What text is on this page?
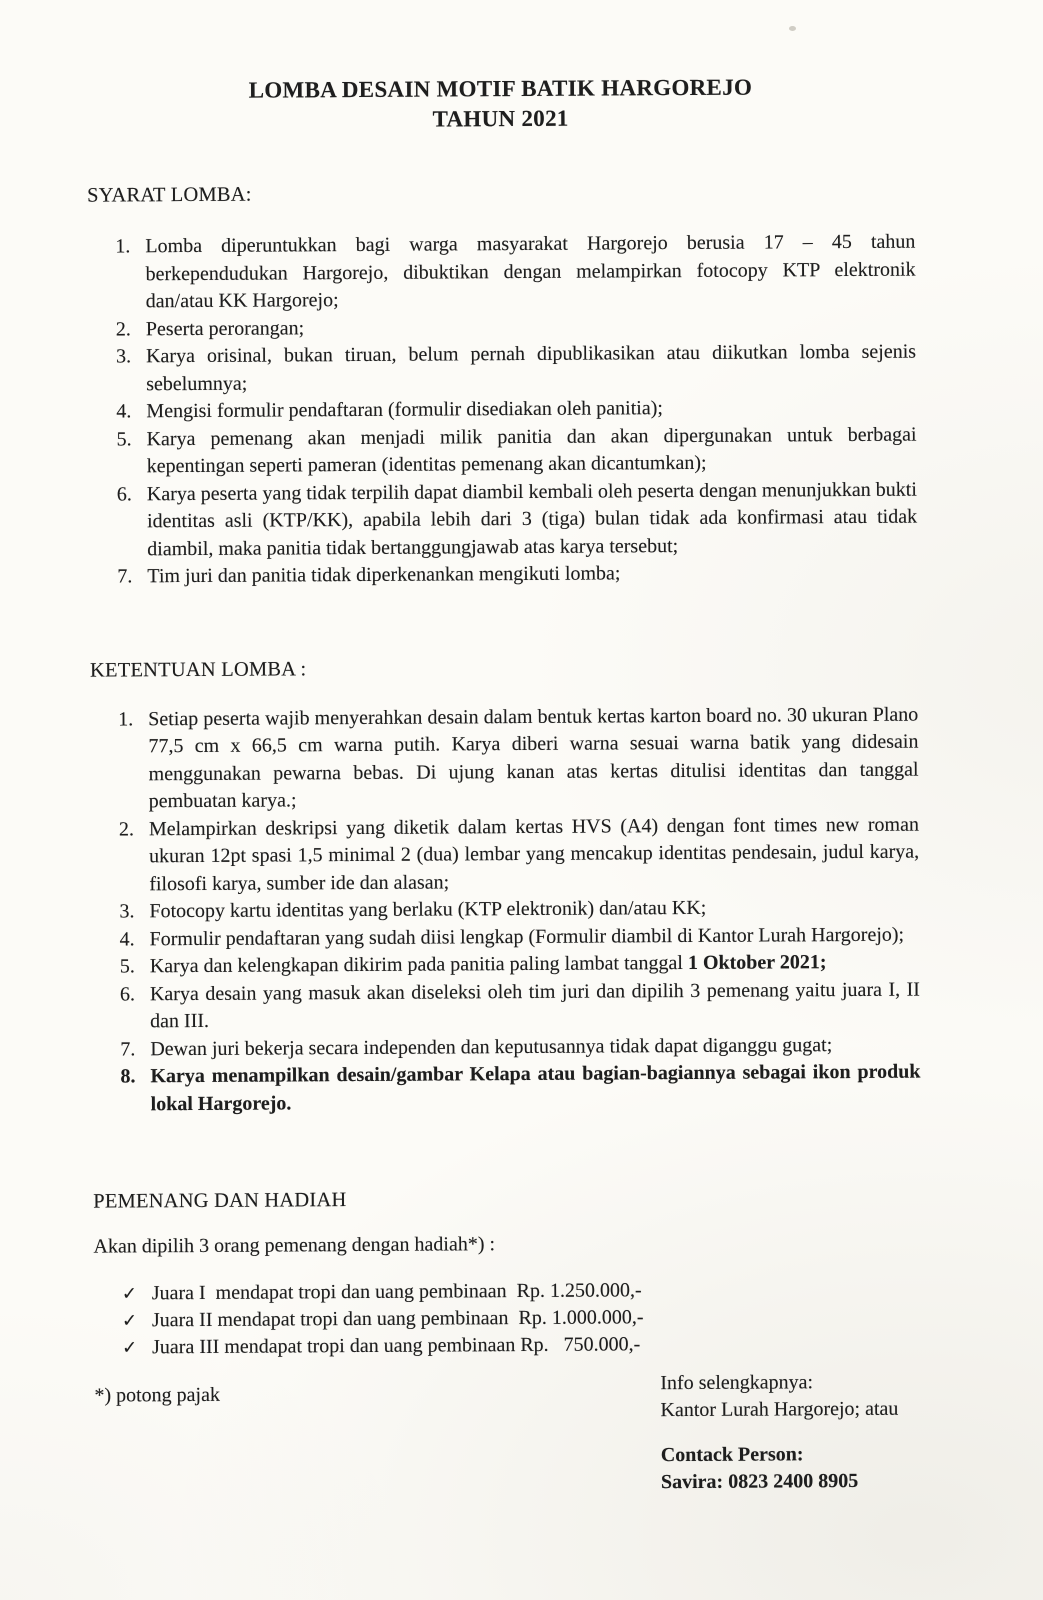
LOMBA DESAIN MOTIF BATIK HARGOREJO
TAHUN 2021
SYARAT LOMBA:
1. Lomba diperuntukkan bagi warga masyarakat Hargorejo berusia 17 – 45 tahun berkependudukan Hargorejo, dibuktikan dengan melampirkan fotocopy KTP elektronik dan/atau KK Hargorejo;
2. Peserta perorangan;
3. Karya orisinal, bukan tiruan, belum pernah dipublikasikan atau diikutkan lomba sejenis sebelumnya;
4. Mengisi formulir pendaftaran (formulir disediakan oleh panitia);
5. Karya pemenang akan menjadi milik panitia dan akan dipergunakan untuk berbagai kepentingan seperti pameran (identitas pemenang akan dicantumkan);
6. Karya peserta yang tidak terpilih dapat diambil kembali oleh peserta dengan menunjukkan bukti identitas asli (KTP/KK), apabila lebih dari 3 (tiga) bulan tidak ada konfirmasi atau tidak diambil, maka panitia tidak bertanggungjawab atas karya tersebut;
7. Tim juri dan panitia tidak diperkenankan mengikuti lomba;
KETENTUAN LOMBA :
1. Setiap peserta wajib menyerahkan desain dalam bentuk kertas karton board no. 30 ukuran Plano 77,5 cm x 66,5 cm warna putih. Karya diberi warna sesuai warna batik yang didesain menggunakan pewarna bebas. Di ujung kanan atas kertas ditulisi identitas dan tanggal pembuatan karya.;
2. Melampirkan deskripsi yang diketik dalam kertas HVS (A4) dengan font times new roman ukuran 12pt spasi 1,5 minimal 2 (dua) lembar yang mencakup identitas pendesain, judul karya, filosofi karya, sumber ide dan alasan;
3. Fotocopy kartu identitas yang berlaku (KTP elektronik) dan/atau KK;
4. Formulir pendaftaran yang sudah diisi lengkap (Formulir diambil di Kantor Lurah Hargorejo);
5. Karya dan kelengkapan dikirim pada panitia paling lambat tanggal 1 Oktober 2021;
6. Karya desain yang masuk akan diseleksi oleh tim juri dan dipilih 3 pemenang yaitu juara I, II dan III.
7. Dewan juri bekerja secara independen dan keputusannya tidak dapat diganggu gugat;
8. Karya menampilkan desain/gambar Kelapa atau bagian-bagiannya sebagai ikon produk lokal Hargorejo.
PEMENANG DAN HADIAH
Akan dipilih 3 orang pemenang dengan hadiah*) :
✓ Juara I  mendapat tropi dan uang pembinaan  Rp. 1.250.000,-
✓ Juara II mendapat tropi dan uang pembinaan  Rp. 1.000.000,-
✓ Juara III mendapat tropi dan uang pembinaan Rp.   750.000,-
*) potong pajak
Info selengkapnya:
Kantor Lurah Hargorejo; atau
Contack Person:
Savira: 0823 2400 8905
